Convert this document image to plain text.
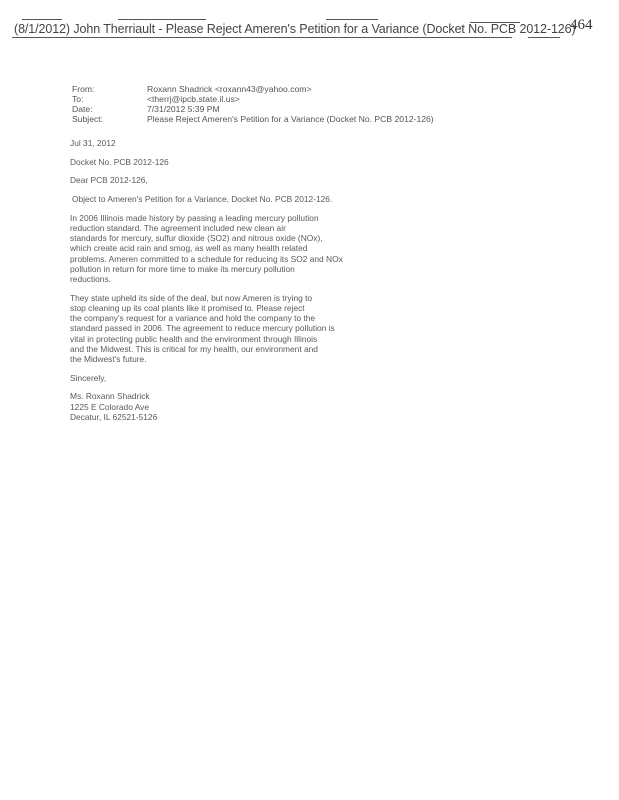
(8/1/2012) John Therriault - Please Reject Ameren's Petition for a Variance (Docket No. PCB 2012-126)
464
From:	Roxann Shadrick <roxann43@yahoo.com>
To:	<therrj@ipcb.state.il.us>
Date:	7/31/2012 5:39 PM
Subject:	Please Reject Ameren's Petition for a Variance (Docket No. PCB 2012-126)

Jul 31, 2012

Docket No. PCB 2012-126

Dear PCB 2012-126,

Object to Ameren's Petition for a Variance, Docket No. PCB 2012-126.

In 2006 Illinois made history by passing a leading mercury pollution
reduction standard. The agreement included new clean air
standards for mercury, sulfur dioxide (SO2) and nitrous oxide (NOx),
which create acid rain and smog, as well as many health related
problems. Ameren committed to a schedule for reducing its SO2 and NOx
pollution in return for more time to make its mercury pollution
reductions.

They state upheld its side of the deal, but now Ameren is trying to
stop cleaning up its coal plants like it promised to. Please reject
the company's request for a variance and hold the company to the
standard passed in 2006. The agreement to reduce mercury pollution is
vital in protecting public health and the environment through Illinois
and the Midwest. This is critical for my health, our environment and
the Midwest's future.

Sincerely,

Ms. Roxann Shadrick
1225 E Colorado Ave
Decatur, IL 62521-5126
